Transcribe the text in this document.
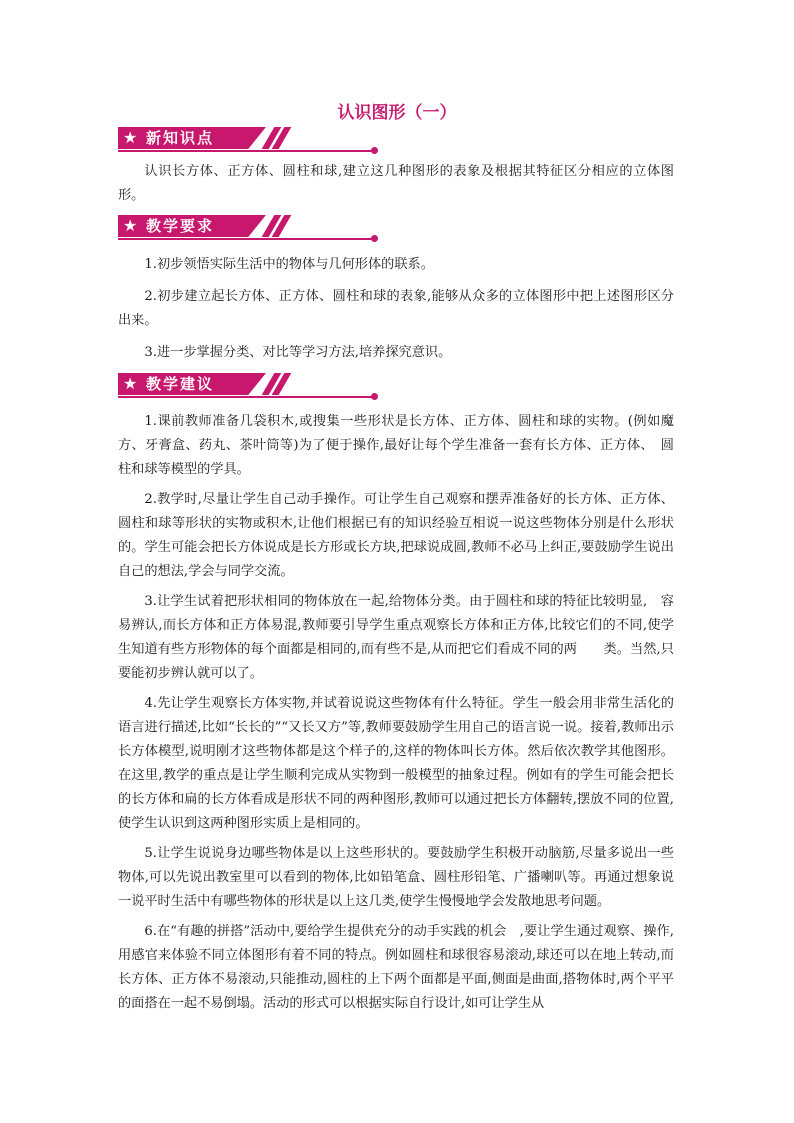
认识图形（一）
★ 新知识点

认识长方体、正方体、圆柱和球,建立这几种图形的表象及根据其特征区分相应的立体图形。

★ 教学要求

1.初步领悟实际生活中的物体与几何形体的联系。

2.初步建立起长方体、正方体、圆柱和球的表象,能够从众多的立体图形中把上述图形区分出来。

3.进一步掌握分类、对比等学习方法,培养探究意识。

★ 教学建议

1.课前教师准备几袋积木,或搜集一些形状是长方体、正方体、圆柱和球的实物。(例如魔方、牙膏盒、药丸、茶叶筒等)为了便于操作,最好让每个学生准备一套有长方体、正方体、　圆柱和球等模型的学具。

2.教学时,尽量让学生自己动手操作。可让学生自己观察和摆弄准备好的长方体、正方体、圆柱和球等形状的实物或积木,让他们根据已有的知识经验互相说一说这些物体分别是什么形状的。学生可能会把长方体说成是长方形或长方块,把球说成圆,教师不必马上纠正,要鼓励学生说出自己的想法,学会与同学交流。

3.让学生试着把形状相同的物体放在一起,给物体分类。由于圆柱和球的特征比较明显,　容易辨认,而长方体和正方体易混,教师要引导学生重点观察长方体和正方体,比较它们的不同,使学生知道有些方形物体的每个面都是相同的,而有些不是,从而把它们看成不同的两　　类。当然,只要能初步辨认就可以了。

4.先让学生观察长方体实物,并试着说说这些物体有什么特征。学生一般会用非常生活化的语言进行描述,比如“长长的”“又长又方”等,教师要鼓励学生用自己的语言说一说。接着,教师出示长方体模型,说明刚才这些物体都是这个样子的,这样的物体叫长方体。然后依次教学其他图形。在这里,教学的重点是让学生顺利完成从实物到一般模型的抽象过程。例如有的学生可能会把长的长方体和扁的长方体看成是形状不同的两种图形,教师可以通过把长方体翻转,摆放不同的位置,使学生认识到这两种图形实质上是相同的。

5.让学生说说身边哪些物体是以上这些形状的。要鼓励学生积极开动脑筋,尽量多说出一些物体,可以先说出教室里可以看到的物体,比如铅笔盒、圆柱形铅笔、广播喇叭等。再通过想象说一说平时生活中有哪些物体的形状是以上这几类,使学生慢慢地学会发散地思考问题。

6.在“有趣的拼搭”活动中,要给学生提供充分的动手实践的机会　,要让学生通过观察、操作,用感官来体验不同立体图形有着不同的特点。例如圆柱和球很容易滚动,球还可以在地上转动,而长方体、正方体不易滚动,只能推动,圆柱的上下两个面都是平面,侧面是曲面,搭物体时,两个平平的面搭在一起不易倒塌。活动的形式可以根据实际自行设计,如可让学生从
